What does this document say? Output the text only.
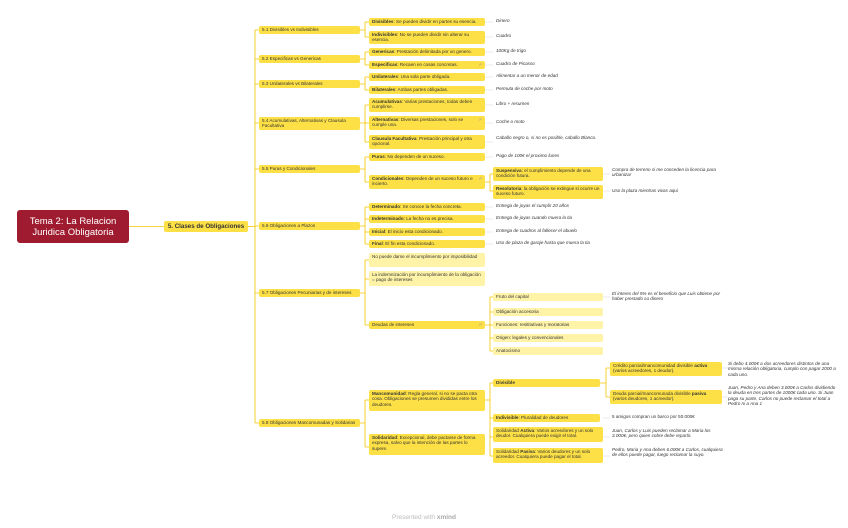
Tema 2: La Relacion Juridica Obligatoria	5. Clases de Obligaciones
5.1 Divisibles vs Indivisibles
5.2 Especificas vs Genericas
5.3 Unilaterales vs Bilaterales
5.4 Acumulativas, Alternativas y Clausula Facultativa
5.5 Puras y Condicionales
5.6 Obligaciones a Plazos
5.7 Obligaciones Pecuniarias y de intereses
5.8 Obligaciones Mancomunadas y Solidarias
Divisibles: Se pueden dividir en partes su esencia.
Indivisibles: No se pueden dividir sin alterar su esencia.
Genericas: Prestación delimitada por un genero.
P
Especificas: Recaen en cosas concretas.
Unilaterales: Una sola parte obligada.
Bilaterales: Ambas partes obligadas.
Acumulativas: Varias prestaciones, todas deben cumplirse.
P
Alternativas: Diversas prestaciones, solo se cumple una.
Clausula Facultativa: Prestación principal y otra opcional.
Puras: No dependen de un suceso.
P
Condicionales: Dependen de un suceso futuro e incierto.
Determinado: Se conoce la fecha concreta.
Indeterminado: La fecha no es precisa.
Inicial: El inicio esta condicionado.
Final: El fin esta condicionado.
No puede darse el incumplimiento por imposibilidad
La indemnización por incumplimiento de la obligación = pago de intereses
P
Deudas de intereses
Mancomunidad: Regla general, si no se pacta otra cosa. Obligaciones se presumen divididas entre los deudores.
Solidaridad: Excepcional, debe pactarse de forma expresa, salvo que la intención de las partes lo supere.
Dinero
Cuadro
100Kg de trigo
Cuadro de Picasso
Alimentar a un menor de edad
Permuta de coche por moto
Libro + resumen
Coche o moto
Caballo negro o, si no es posible, caballo Blanco.
Pago de 100€ el proximo lunes
Suspensiva: el cumplimiento depende de una condición futura.
Resolutoria: la obligación se extingue si ocurre un suceso futuro.
Compra de terreno si me conceden la licencia para urbanizar
Uso la plaza mientras vivas aqui
Entrega de joyas el cumplir 20 años
Entrega de joyas cuando muera la tia
Entrega de cuadros al fallecer el abuelo
Uso de plaza de garaje hasta que muera la tia
Fruto del capital
Obligación accesoria
Funciones: resititutivas y moratorias
Origen: legales y convencionales
Anatocismo
El interes del 5% es el beneficio que Luis obtiene por haber prestado su dinero
Divisible
Indivisible: Pluralidad de deudores
Solidaridad Activa: Varios acreedores y un solo deudor. Cualquiera puede exigir el total.
Solidaridad Pasiva: Varios deudores y un solo acreedor. Cualquiera puede pagar el total.
Crédito parcial/mancomunidad divisible activa (varios acreedores, 1 deudor).
Deuda parcial/mancomunada divisible pasiva (varios deudores, 1 acreedor).
Si debo 4.000€ a dos acreedores distintos de una misma relación obligatoria, cumplo con pagar 2000 a cada uno.
Juan, Pedro y Ana deben 3.000€ a Carlos dividiendo la deuda en tres partes de 1000€ cada uno. Si Juan paga su parte, Carlos no puede reclamar el total a Pedro ni a Ana 1
5 amigos compran un barco por 50.000€
Juan, Carlos y Luis pueden reclamar a Maria los 3.000€, pero quien cobre debe repartir.
Pedro, Maria y Ana deben 6.000€ a Carlos, cualquiera de ellos puede pagar, luego reclamar la suyo.
Presented with xmind
